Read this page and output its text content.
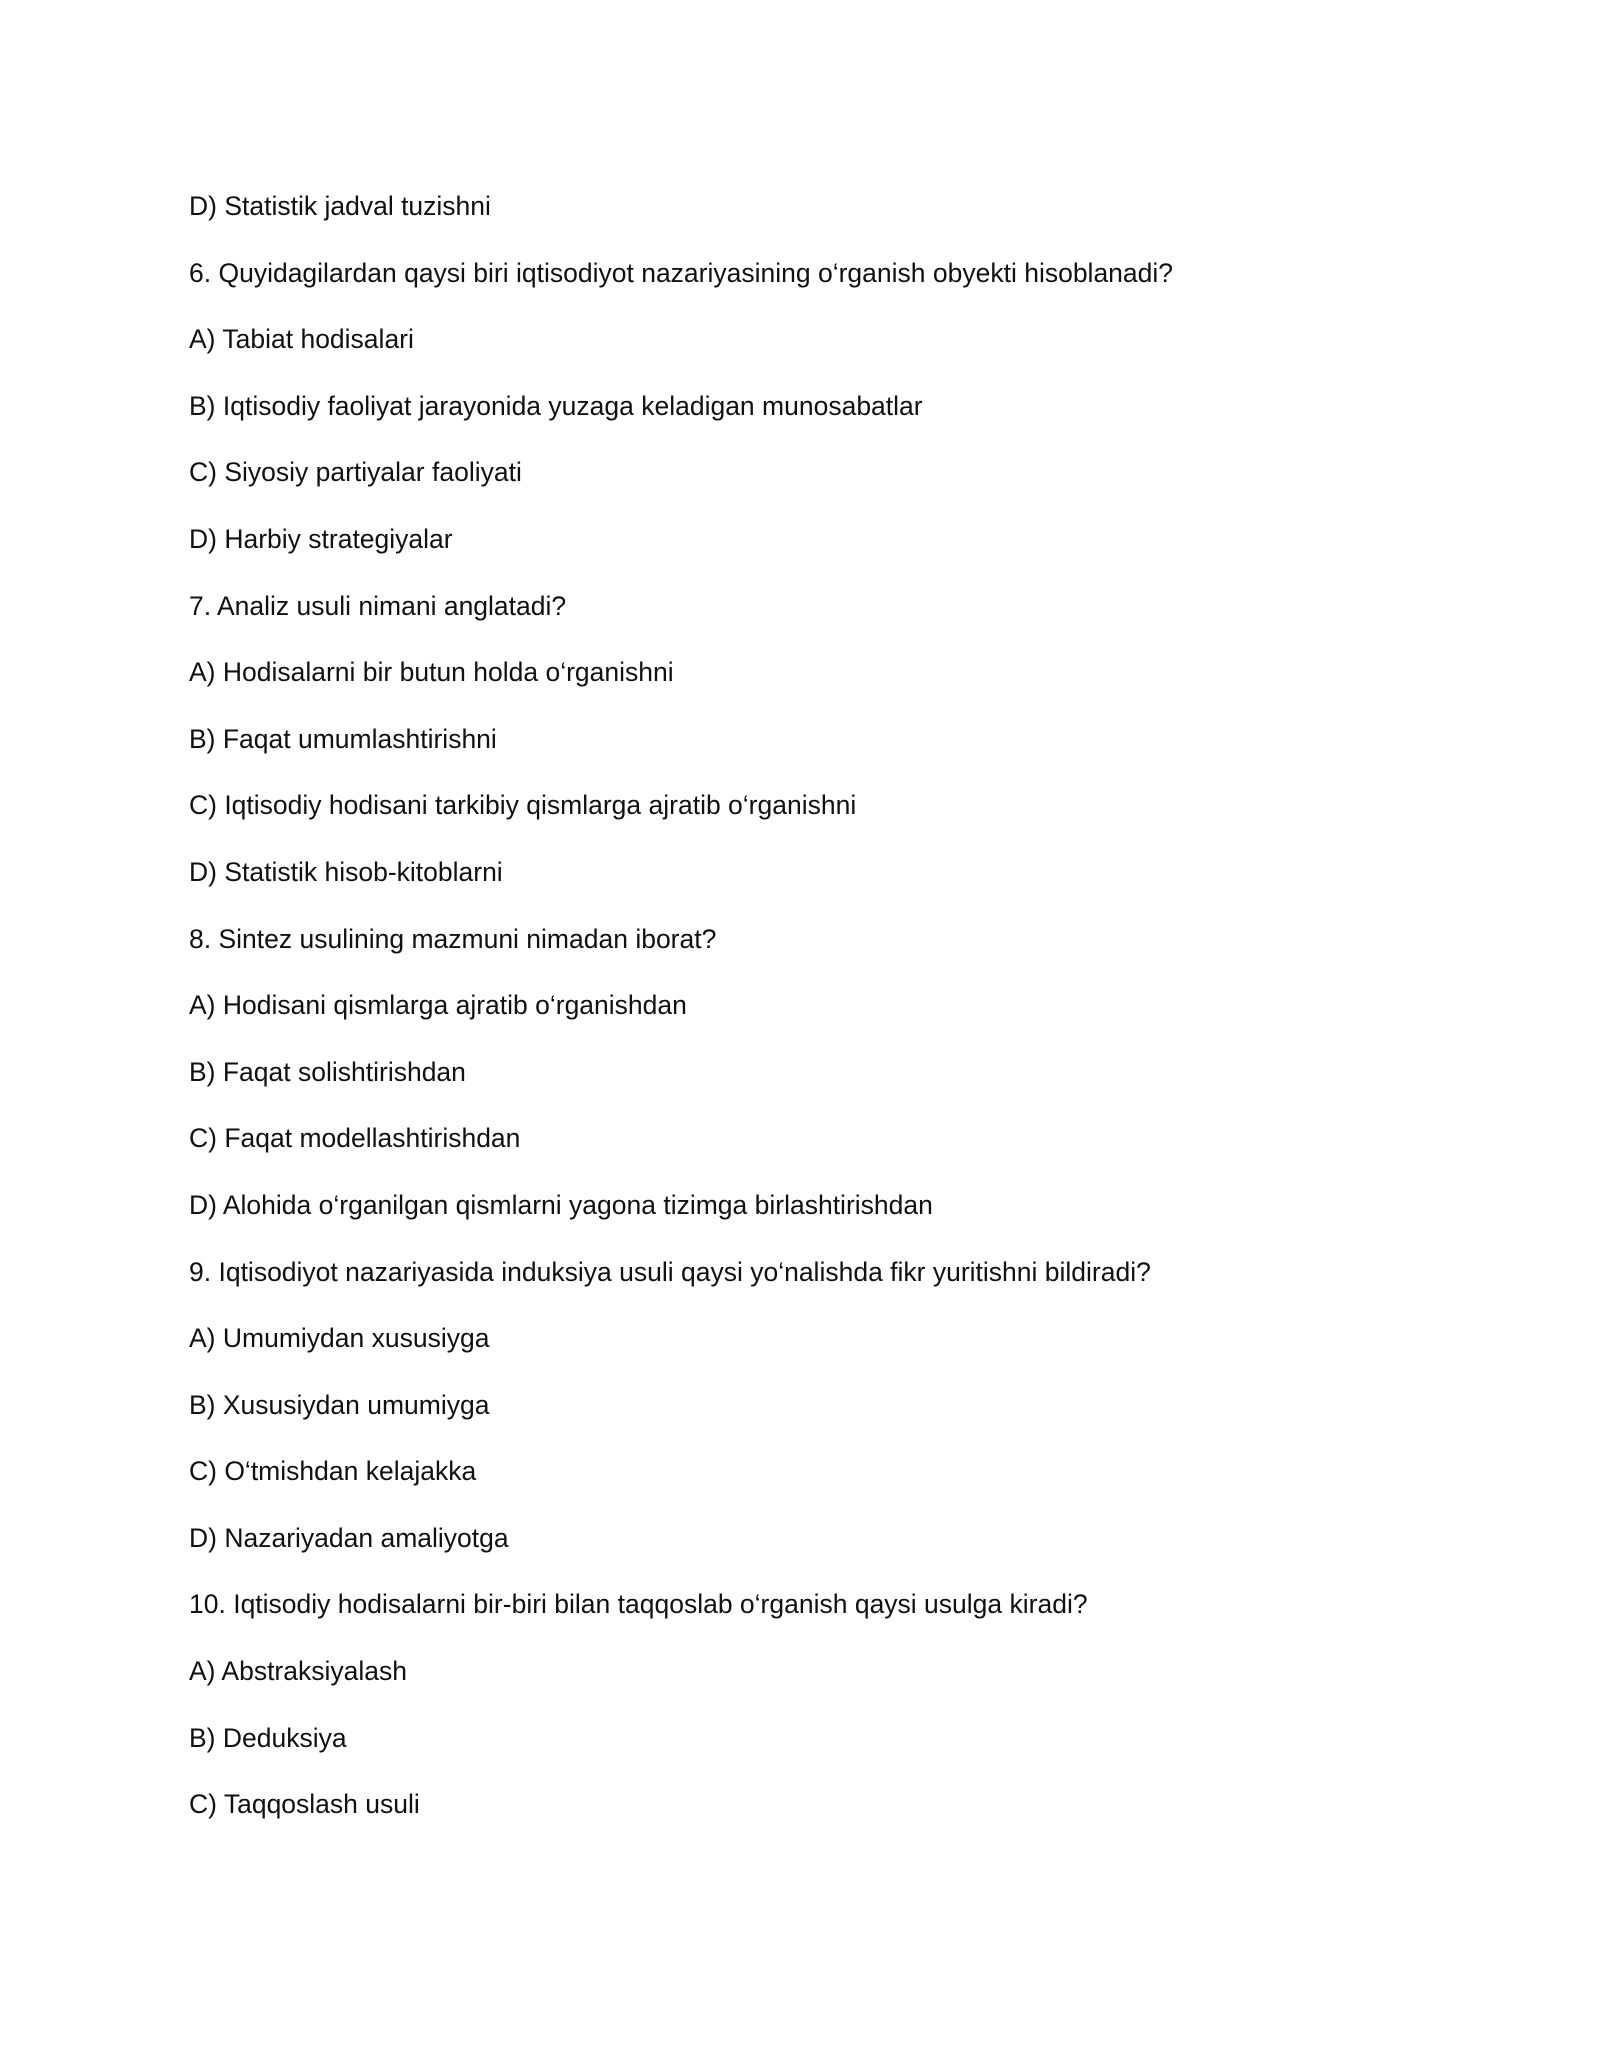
D) Statistik jadval tuzishni

6. Quyidagilardan qaysi biri iqtisodiyot nazariyasining o‘rganish obyekti hisoblanadi?

A) Tabiat hodisalari

B) Iqtisodiy faoliyat jarayonida yuzaga keladigan munosabatlar

C) Siyosiy partiyalar faoliyati

D) Harbiy strategiyalar

7. Analiz usuli nimani anglatadi?

A) Hodisalarni bir butun holda o‘rganishni

B) Faqat umumlashtirishni

C) Iqtisodiy hodisani tarkibiy qismlarga ajratib o‘rganishni

D) Statistik hisob-kitoblarni

8. Sintez usulining mazmuni nimadan iborat?

A) Hodisani qismlarga ajratib o‘rganishdan

B) Faqat solishtirishdan

C) Faqat modellashtirishdan

D) Alohida o‘rganilgan qismlarni yagona tizimga birlashtirishdan

9. Iqtisodiyot nazariyasida induksiya usuli qaysi yo‘nalishda fikr yuritishni bildiradi?

A) Umumiydan xususiyga

B) Xususiydan umumiyga

C) O‘tmishdan kelajakka

D) Nazariyadan amaliyotga

10. Iqtisodiy hodisalarni bir-biri bilan taqqoslab o‘rganish qaysi usulga kiradi?

A) Abstraksiyalash

B) Deduksiya

C) Taqqoslash usuli
